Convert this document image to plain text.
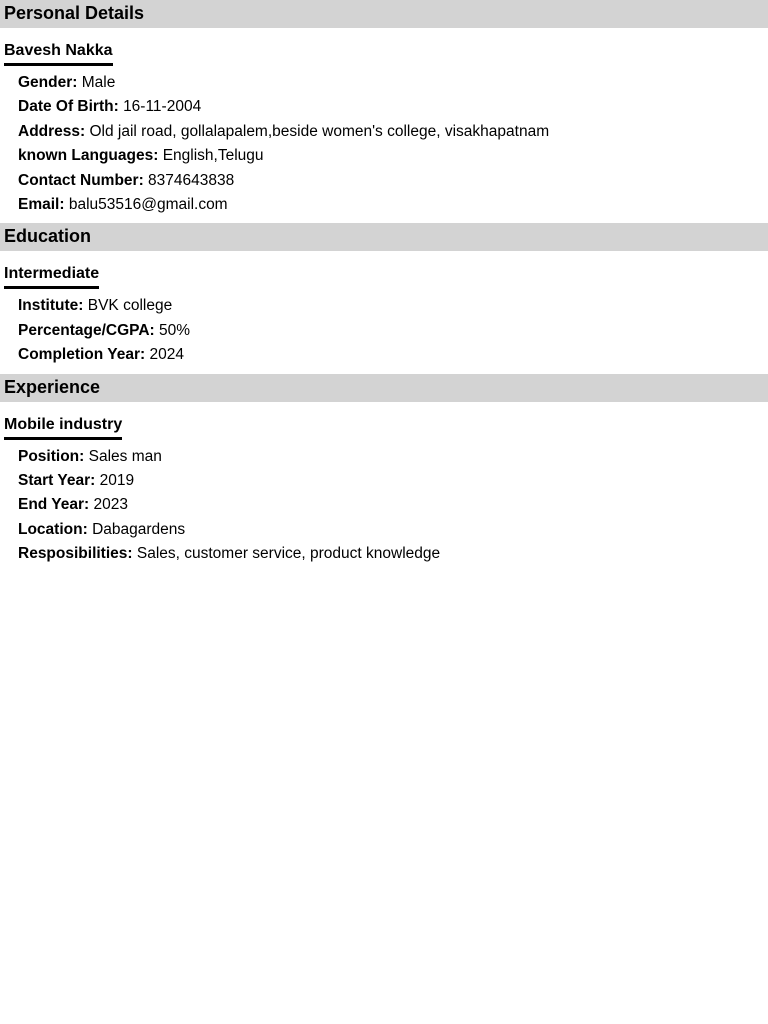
Personal Details
Bavesh Nakka
Gender: Male
Date Of Birth: 16-11-2004
Address: Old jail road, gollalapalem,beside women's college, visakhapatnam
known Languages: English,Telugu
Contact Number: 8374643838
Email: balu53516@gmail.com
Education
Intermediate
Institute: BVK college
Percentage/CGPA: 50%
Completion Year: 2024
Experience
Mobile industry
Position: Sales man
Start Year: 2019
End Year: 2023
Location: Dabagardens
Resposibilities: Sales, customer service, product knowledge
